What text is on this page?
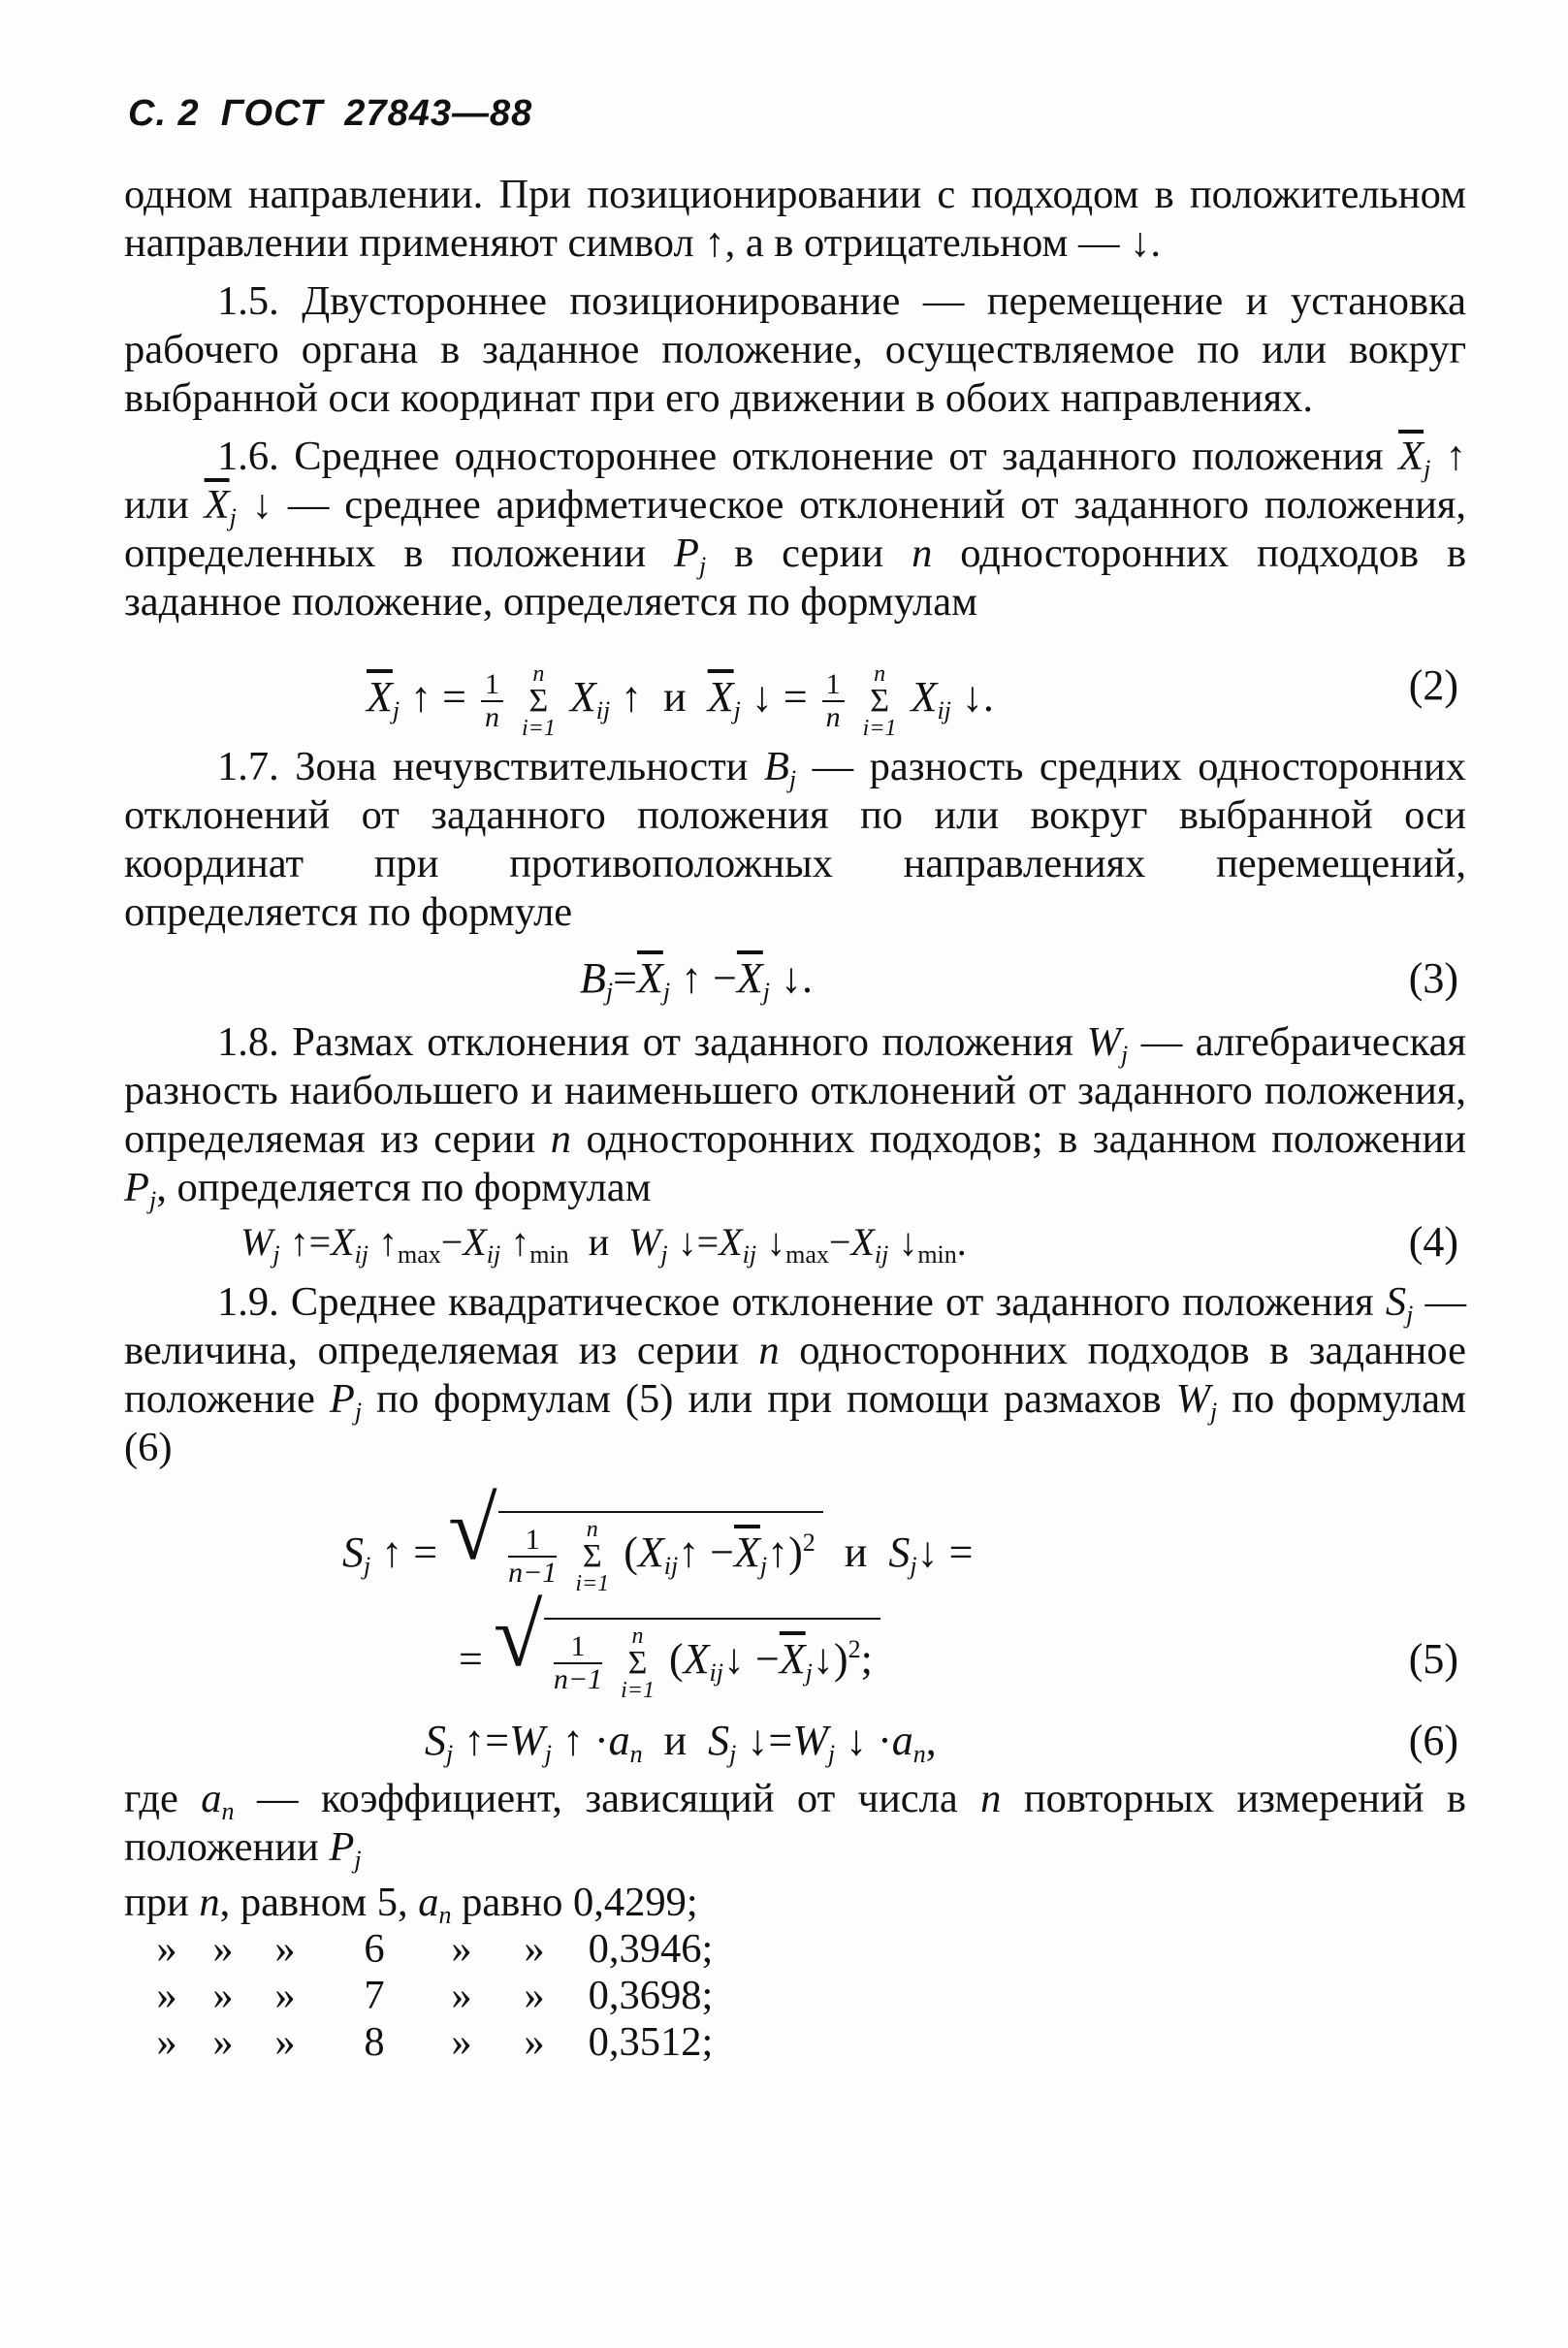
С. 2 ГОСТ 27843—88

одном направлении. При позиционировании с подходом в положительном направлении применяют символ ↑, а в отрицательном — ↓.

1.5. Двустороннее позиционирование — перемещение и установка рабочего органа в заданное положение, осуществляемое по или вокруг выбранной оси координат при его движении в обоих направлениях.

1.6. Среднее одностороннее отклонение от заданного положения $\overline{X}_j$ ↑ или $\overline{X}_j$ ↓ — среднее арифметическое отклонений от заданного положения, определенных в положении $P_j$ в серии n односторонних подходов в заданное положение, определяется по формулам

$\overline{X}_j$ ↑ = $\frac{1}{n}$ n
Σ
i=1 $X_{ij}$ ↑ и $\overline{X}_j$ ↓ = $\frac{1}{n}$ n
Σ
i=1 $X_{ij}$ ↓.	(2)

1.7. Зона нечувствительности $B_j$ — разность средних односторонних отклонений от заданного положения по или вокруг выбранной оси координат при противоположных направлениях перемещений, определяется по формуле

$B_j=\overline{X}_j$ ↑ $-\overline{X}_j$ ↓.	(3)

1.8. Размах отклонения от заданного положения $W_j$ — алгебраическая разность наибольшего и наименьшего отклонений от заданного положения, определяемая из серии n односторонних подходов; в заданном положении $P_j$, определяется по формулам

$W_j$ $↑=X_{ij}$ $↑_{max}-X_{ij}$ $↑_{min}$ и $W_j$ $↓=X_{ij}$ $↓_{max}-X_{ij}$ $↓_{min}$.	(4)

1.9. Среднее квадратическое отклонение от заданного положения $S_j$ — величина, определяемая из серии n односторонних подходов в заданное положение $P_j$ по формулам (5) или при помощи размахов $W_j$ по формулам (6)

$S_j$ ↑ = √ $\frac{1}{n-1}$ n
Σ
i=1 ($X_{ij}↑$ $-\overline{X}_j↑)^2$ и $S_j↓$ =
= √ $\frac{1}{n-1}$ n
Σ
i=1 ($X_{ij}↓$ $-\overline{X}_j↓)^2$;	(5)
$S_j$ $↑=W_j$ ↑ $\cdot a_n$ и $S_j$ $↓=W_j$ ↓ $\cdot a_n$,	(6)

где $a_n$ — коэффициент, зависящий от числа n повторных измерений в положении $P_j$

при n, равном 5, $a_n$ равно 0,4299;
» » » 6 » » 0,3946;
» » » 7 » » 0,3698;
» » » 8 » » 0,3512;
